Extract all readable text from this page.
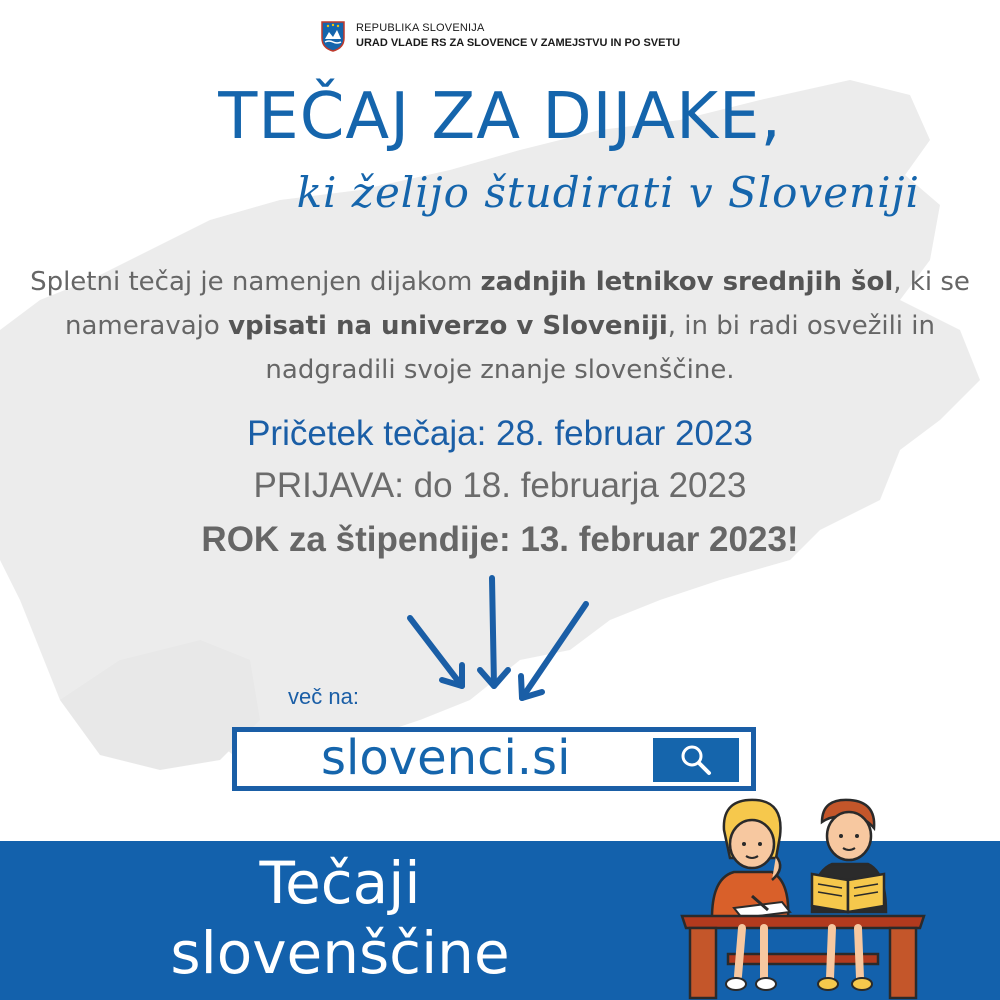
REPUBLIKA SLOVENIJA
URAD VLADE RS ZA SLOVENCE V ZAMEJSTVU IN PO SVETU
TEČAJ ZA DIJAKE,
ki želijo študirati v Sloveniji

Spletni tečaj je namenjen dijakom zadnjih letnikov srednjih šol, ki se nameravajo vpisati na univerzo v Sloveniji, in bi radi osvežili in nadgradili svoje znanje slovenščine.

Pričetek tečaja: 28. februar 2023
PRIJAVA: do 18. februarja 2023
ROK za štipendije: 13. februar 2023!
več na:
slovenci.si
Tečaji
slovenščine
